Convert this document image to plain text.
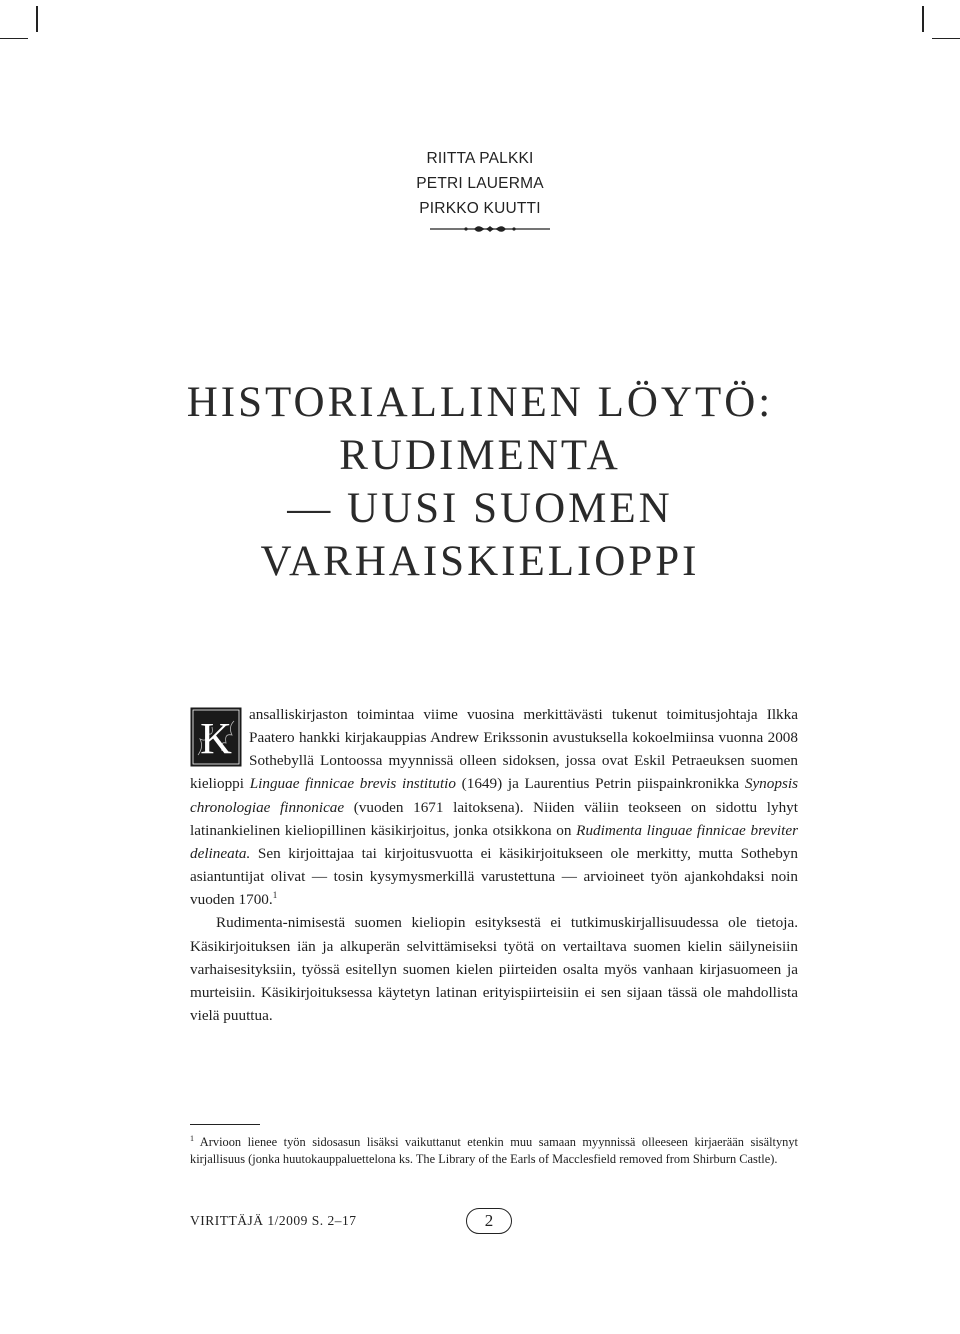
RIITTA PALKKI
PETRI LAUERMA
PIRKKO KUUTTI
HISTORIALLINEN LÖYTÖ:
RUDIMENTA
— UUSI SUOMEN
VARHAISKIELIOPPI

K ansalliskirjaston toimintaa viime vuosina merkittävästi tukenut toimitusjohtaja Ilkka Paatero hankki kirjakauppias Andrew Erikssonin avustuksella kokoelmiinsa vuonna 2008 Sothebyllä Lontoossa myynnissä olleen sidoksen, jossa ovat Eskil Petraeuksen suomen kielioppi Linguae finnicae brevis institutio (1649) ja Laurentius Petrin piispainkronikka Synopsis chronologiae finnonicae (vuoden 1671 laitoksena). Niiden väliin teokseen on sidottu lyhyt latinankielinen kieliopillinen käsikirjoitus, jonka otsikkona on Rudimenta linguae finnicae breviter delineata. Sen kirjoittajaa tai kirjoitusvuotta ei käsikirjoitukseen ole merkitty, mutta Sothebyn asiantuntijat olivat — tosin kysymysmerkillä varustettuna — arvioineet työn ajankohdaksi noin vuoden 1700.$^1$

Rudimenta-nimisestä suomen kieliopin esityksestä ei tutkimuskirjallisuudessa ole tietoja. Käsikirjoituksen iän ja alkuperän selvittämiseksi työtä on vertailtava suomen kielin säilyneisiin varhaisesityksiin, työssä esitellyn suomen kielen piirteiden osalta myös vanhaan kirjasuomeen ja murteisiin. Käsikirjoituksessa käytetyn latinan erityispiirteisiin ei sen sijaan tässä ole mahdollista vielä puuttua.

$^1$ Arvioon lienee työn sidosasun lisäksi vaikuttanut etenkin muu samaan myynnissä olleeseen kirjaerään sisältynyt kirjallisuus (jonka huutokauppaluettelona ks. The Library of the Earls of Macclesfield removed from Shirburn Castle).
VIRITTÄJÄ 1/2009 S. 2–17	2
